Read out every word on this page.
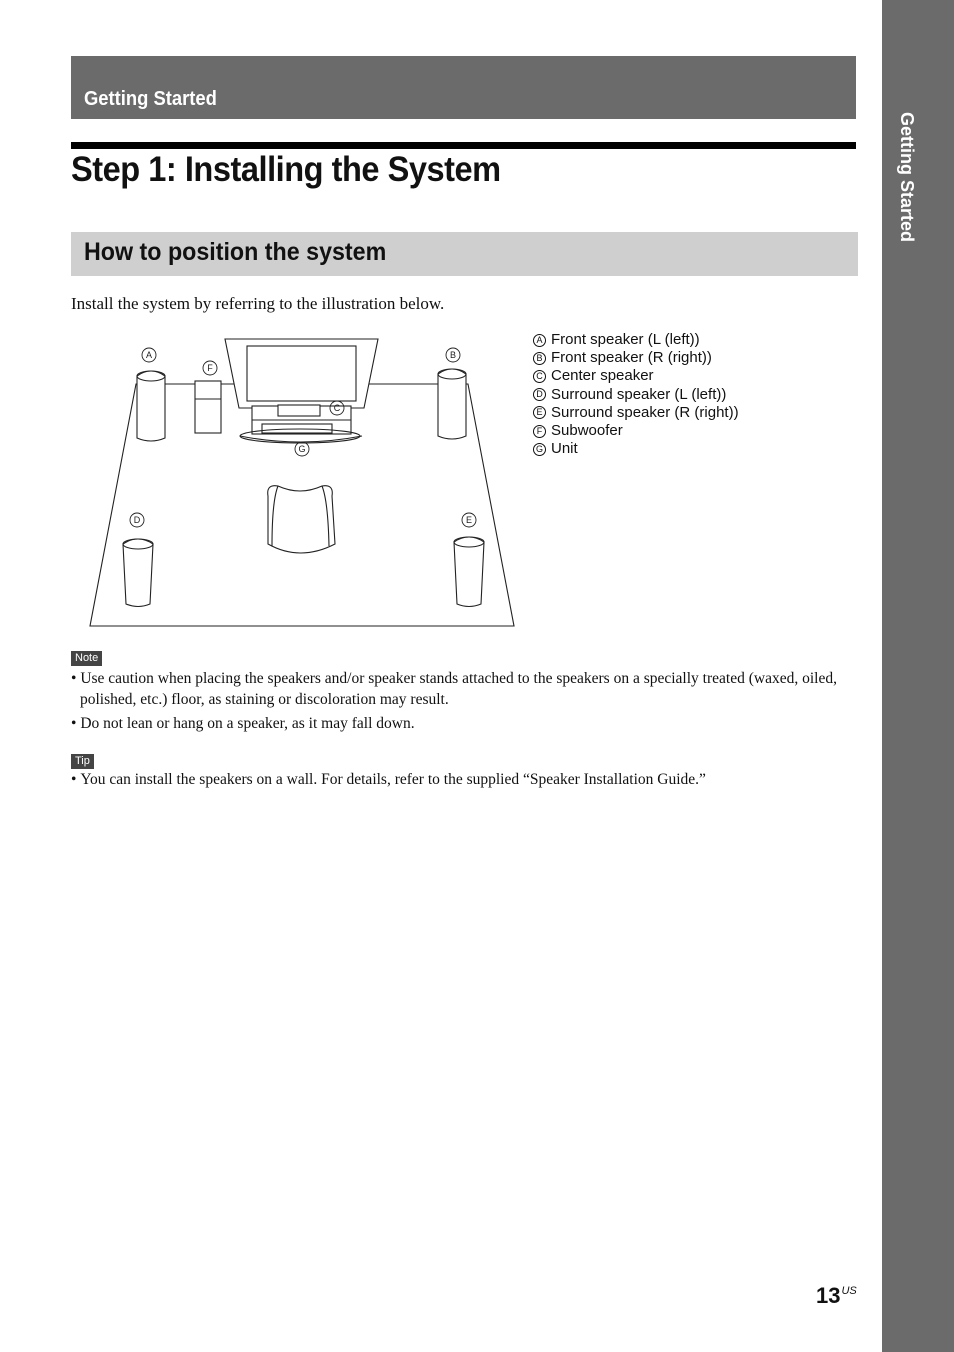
Getting Started
Getting Started
Step 1: Installing the System
How to position the system
Install the system by referring to the illustration below.
A	B
C
D	E
F
G
A Front speaker (L (left))
B Front speaker (R (right))
C Center speaker
D Surround speaker (L (left))
E Surround speaker (R (right))
F Subwoofer
G Unit
Note
• Use caution when placing the speakers and/or speaker stands attached to the speakers on a specially treated (waxed, oiled, polished, etc.) floor, as staining or discoloration may result.
• Do not lean or hang on a speaker, as it may fall down.
Tip
• You can install the speakers on a wall. For details, refer to the supplied “Speaker Installation Guide.”
$13^{US}$
